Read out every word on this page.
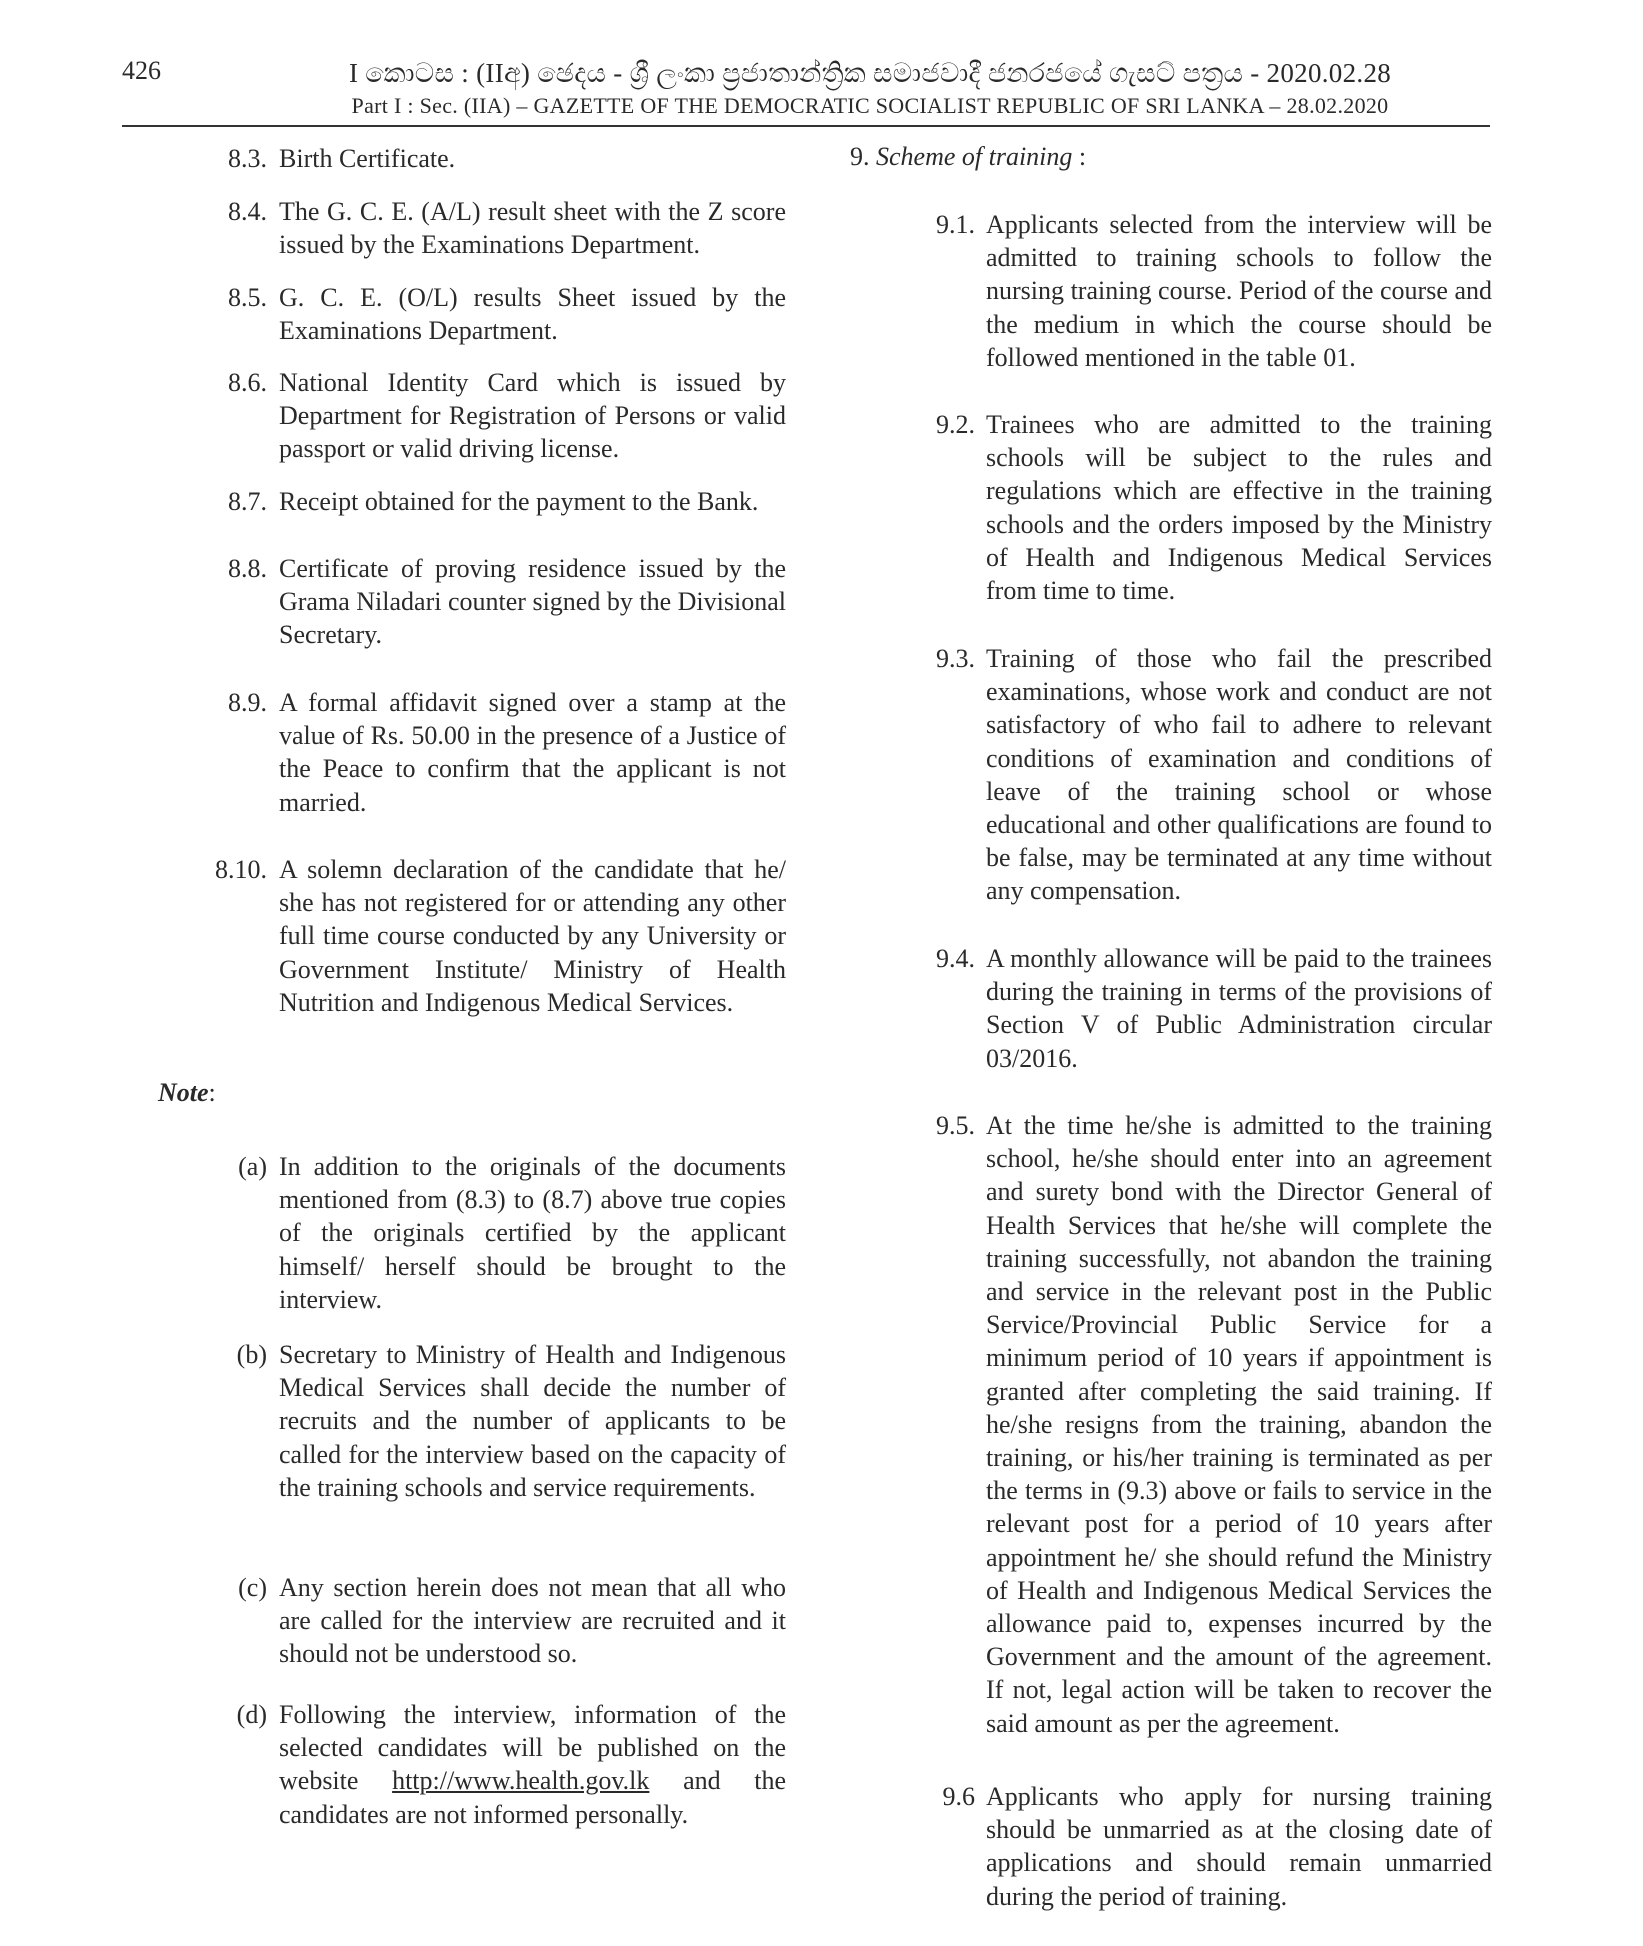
426	I කොටස : (IIඅ) ඡෙදය - ශ්‍රී ලංකා ප්‍රජාතාන්ත්‍රික සමාජවාදී ජනරජයේ ගැසට් පත්‍රය - 2020.02.28
Part I : Sec. (IIA) – GAZETTE OF THE DEMOCRATIC SOCIALIST REPUBLIC OF SRI LANKA – 28.02.2020
8.3. Birth Certificate.
8.4. The G. C. E. (A/L) result sheet with the Z score issued by the Examinations Department.
8.5. G. C. E. (O/L) results Sheet issued by the Examinations Department.
8.6. National Identity Card which is issued by Department for Registration of Persons or valid passport or valid driving license.
8.7. Receipt obtained for the payment to the Bank.
8.8. Certificate of proving residence issued by the Grama Niladari counter signed by the Divisional Secretary.
8.9. A formal affidavit signed over a stamp at the value of Rs. 50.00 in the presence of a Justice of the Peace to confirm that the applicant is not married.
8.10. A solemn declaration of the candidate that he/ she has not registered for or attending any other full time course conducted by any University or Government Institute/ Ministry of Health Nutrition and Indigenous Medical Services.
Note:
(a) In addition to the originals of the documents mentioned from (8.3) to (8.7) above true copies of the originals certified by the applicant himself/ herself should be brought to the interview.
(b) Secretary to Ministry of Health and Indigenous Medical Services shall decide the number of recruits and the number of applicants to be called for the interview based on the capacity of the training schools and service requirements.
(c) Any section herein does not mean that all who are called for the interview are recruited and it should not be understood so.
(d) Following the interview, information of the selected candidates will be published on the website http://www.health.gov.lk and the candidates are not informed personally.
9. Scheme of training :
9.1. Applicants selected from the interview will be admitted to training schools to follow the nursing training course. Period of the course and the medium in which the course should be followed mentioned in the table 01.
9.2. Trainees who are admitted to the training schools will be subject to the rules and regulations which are effective in the training schools and the orders imposed by the Ministry of Health and Indigenous Medical Services from time to time.
9.3. Training of those who fail the prescribed examinations, whose work and conduct are not satisfactory of who fail to adhere to relevant conditions of examination and conditions of leave of the training school or whose educational and other qualifications are found to be false, may be terminated at any time without any compensation.
9.4. A monthly allowance will be paid to the trainees during the training in terms of the provisions of Section V of Public Administration circular 03/2016.
9.5. At the time he/she is admitted to the training school, he/she should enter into an agreement and surety bond with the Director General of Health Services that he/she will complete the training successfully, not abandon the training and service in the relevant post in the Public Service/Provincial Public Service for a minimum period of 10 years if appointment is granted after completing the said training. If he/she resigns from the training, abandon the training, or his/her training is terminated as per the terms in (9.3) above or fails to service in the relevant post for a period of 10 years after appointment he/ she should refund the Ministry of Health and Indigenous Medical Services the allowance paid to, expenses incurred by the Government and the amount of the agreement. If not, legal action will be taken to recover the said amount as per the agreement.
9.6 Applicants who apply for nursing training should be unmarried as at the closing date of applications and should remain unmarried during the period of training.
